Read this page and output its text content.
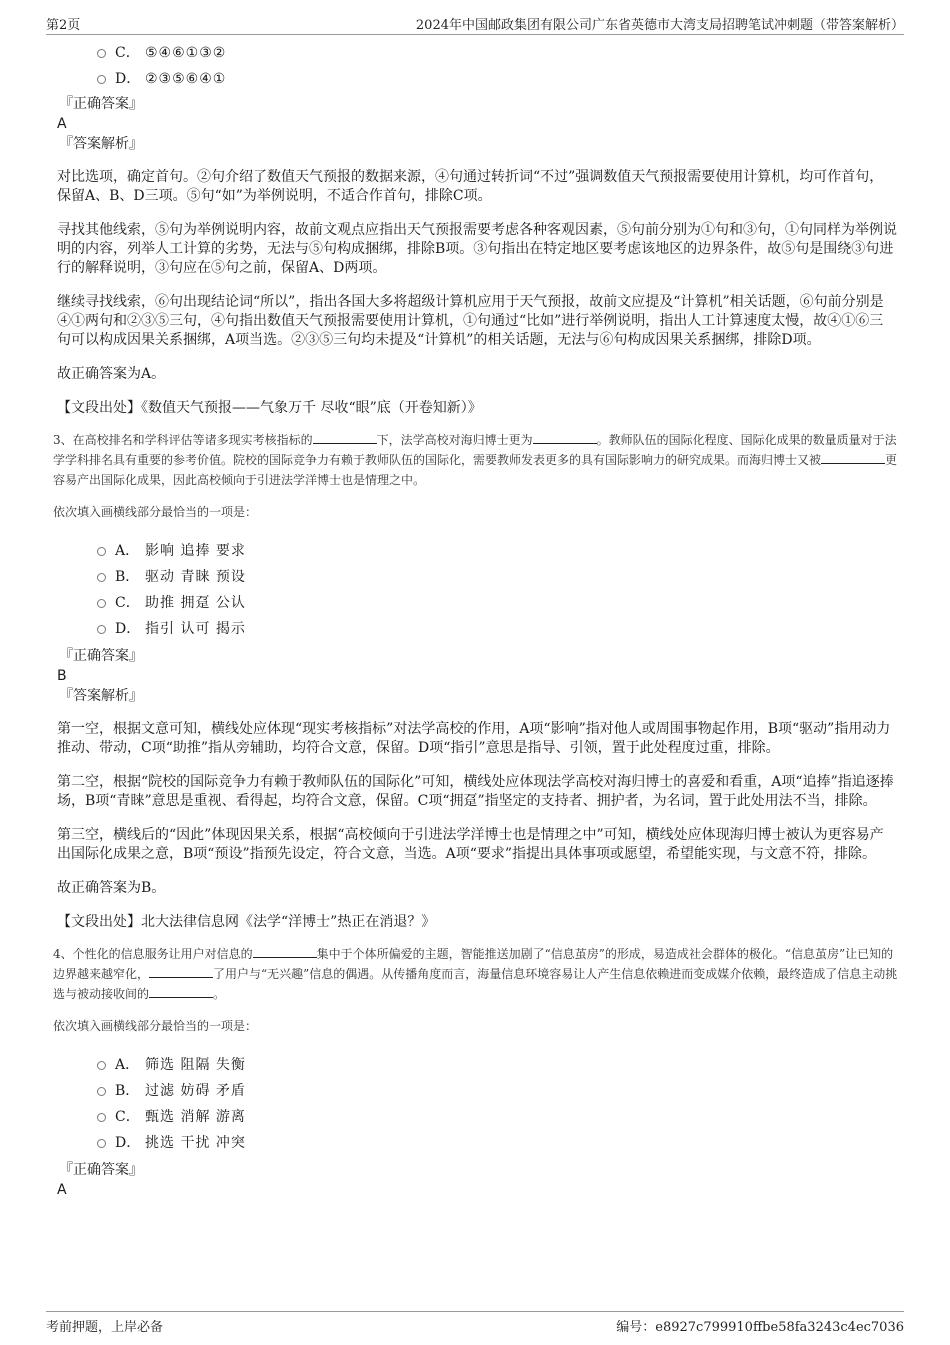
第2页	2024年中国邮政集团有限公司广东省英德市大湾支局招聘笔试冲刺题（带答案解析）
C． ⑤④⑥①③②
D． ②③⑤⑥④①
『正确答案』
A
『答案解析』

对比选项，确定首句。②句介绍了数值天气预报的数据来源，④句通过转折词“不过”强调数值天气预报需要使用计算机，均可作首句，保留A、B、D三项。⑤句“如”为举例说明，不适合作首句，排除C项。

寻找其他线索，⑤句为举例说明内容，故前文观点应指出天气预报需要考虑各种客观因素，⑤句前分别为①句和③句，①句同样为举例说明的内容，列举人工计算的劣势，无法与⑤句构成捆绑，排除B项。③句指出在特定地区要考虑该地区的边界条件，故⑤句是围绕③句进行的解释说明，③句应在⑤句之前，保留A、D两项。

继续寻找线索，⑥句出现结论词“所以”，指出各国大多将超级计算机应用于天气预报，故前文应提及“计算机”相关话题，⑥句前分别是④①两句和②③⑤三句，④句指出数值天气预报需要使用计算机，①句通过“比如”进行举例说明，指出人工计算速度太慢，故④①⑥三句可以构成因果关系捆绑，A项当选。②③⑤三句均未提及“计算机”的相关话题，无法与⑥句构成因果关系捆绑，排除D项。

故正确答案为A。

【文段出处】《数值天气预报——气象万千 尽收“眼”底（开卷知新）》
3、在高校排名和学科评估等诸多现实考核指标的	下，法学高校对海归博士更为	。教师队伍的国际化程度、国际化成果的数量质量对于法学学科排名具有重要的参考价值。院校的国际竞争力有赖于教师队伍的国际化，需要教师发表更多的具有国际影响力的研究成果。而海归博士又被	更容易产出国际化成果，因此高校倾向于引进法学洋博士也是情理之中。
依次填入画横线部分最恰当的一项是：
A． 影响 追捧 要求
B． 驱动 青睐 预设
C． 助推 拥趸 公认
D． 指引 认可 揭示
『正确答案』
B
『答案解析』

第一空，根据文意可知，横线处应体现“现实考核指标”对法学高校的作用，A项“影响”指对他人或周围事物起作用，B项“驱动”指用动力推动、带动，C项“助推”指从旁辅助，均符合文意，保留。D项“指引”意思是指导、引领，置于此处程度过重，排除。

第二空，根据“院校的国际竞争力有赖于教师队伍的国际化”可知，横线处应体现法学高校对海归博士的喜爱和看重，A项“追捧”指追逐捧场，B项“青睐”意思是重视、看得起，均符合文意，保留。C项“拥趸”指坚定的支持者、拥护者，为名词，置于此处用法不当，排除。

第三空，横线后的“因此”体现因果关系，根据“高校倾向于引进法学洋博士也是情理之中”可知，横线处应体现海归博士被认为更容易产出国际化成果之意，B项“预设”指预先设定，符合文意，当选。A项“要求”指提出具体事项或愿望，希望能实现，与文意不符，排除。

故正确答案为B。

【文段出处】北大法律信息网《法学“洋博士”热正在消退？》
4、个性化的信息服务让用户对信息的	集中于个体所偏爱的主题，智能推送加剧了“信息茧房”的形成，易造成社会群体的极化。“信息茧房”让已知的边界越来越窄化，	了用户与“无兴趣”信息的偶遇。从传播角度而言，海量信息环境容易让人产生信息依赖进而变成媒介依赖，最终造成了信息主动挑选与被动接收间的	。
依次填入画横线部分最恰当的一项是：
A． 筛选 阻隔 失衡
B． 过滤 妨碍 矛盾
C． 甄选 消解 游离
D． 挑选 干扰 冲突
『正确答案』
A
考前押题，上岸必备	编号：e8927c799910ffbe58fa3243c4ec7036
